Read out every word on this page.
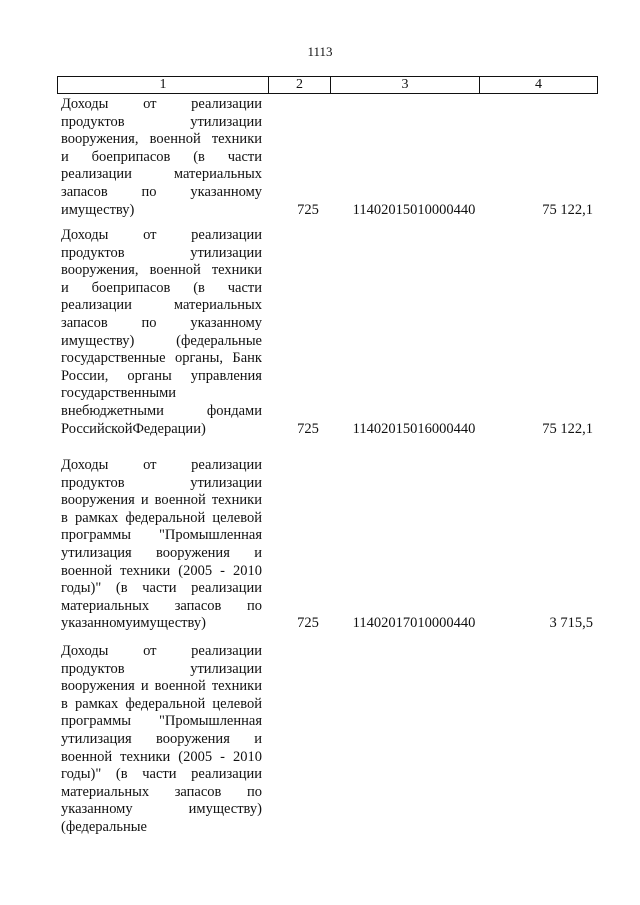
1113
1	2	3	4
Доходы от реализации
продуктов	утилизации
вооружения, военной техники
и боеприпасов (в части
реализации	материальных
запасов по указанному
имуществу)	725	11402015010000440	75 122,1
Доходы от реализации
продуктов	утилизации
вооружения, военной техники
и боеприпасов (в части
реализации	материальных
запасов по указанному
имуществу)	(федеральные
государственные органы, Банк
России, органы управления
государственными
внебюджетными	фондами
Российской Федерации)	725	11402015016000440	75 122,1
Доходы от реализации
продуктов	утилизации
вооружения и военной техники
в рамках федеральной целевой
программы "Промышленная
утилизация вооружения и
военной техники (2005 - 2010
годы)" (в части реализации
материальных запасов по
указанному имуществу)	725	11402017010000440	3 715,5
Доходы от реализации
продуктов	утилизации
вооружения и военной техники
в рамках федеральной целевой
программы "Промышленная
утилизация вооружения и
военной техники (2005 - 2010
годы)" (в части реализации
материальных запасов по
указанному	имуществу)
(федеральные
